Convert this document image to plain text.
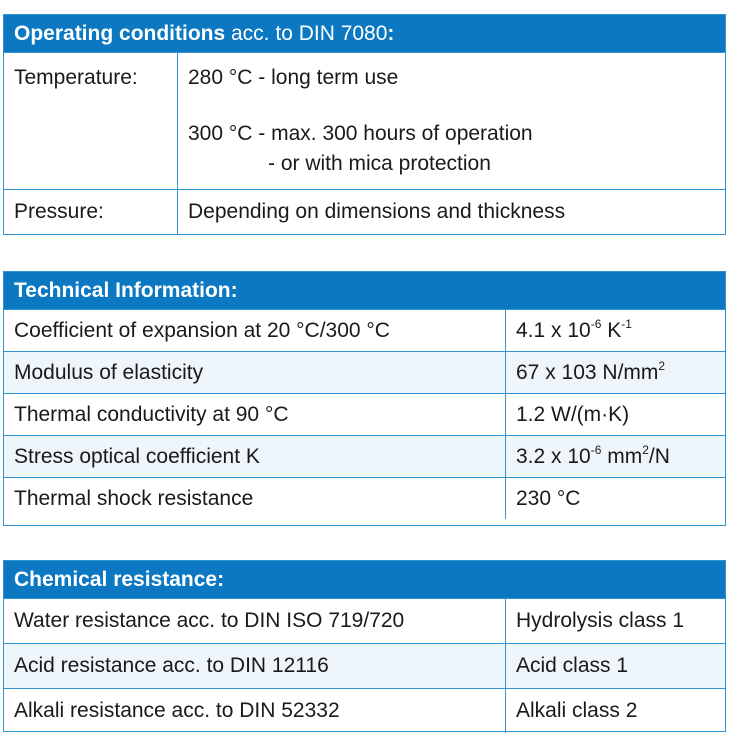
Operating conditions acc. to DIN 7080:
Temperature:	280 °C - long term use
300 °C - max. 300 hours of operation
- or with mica protection
Pressure:	Depending on dimensions and thickness
Technical Information:
Coefficient of expansion at 20 °C/300 °C	4.1 x $10^{-6}$ $K^{-1}$
Modulus of elasticity	67 x 103 $N/mm^2$
Thermal conductivity at 90 °C	1.2 W/(m·K)
Stress optical coefficient K	3.2 x $10^{-6}$ $mm^2/N$
Thermal shock resistance	230 °C
Chemical resistance:
Water resistance acc. to DIN ISO 719/720	Hydrolysis class 1
Acid resistance acc. to DIN 12116	Acid class 1
Alkali resistance acc. to DIN 52332	Alkali class 2
